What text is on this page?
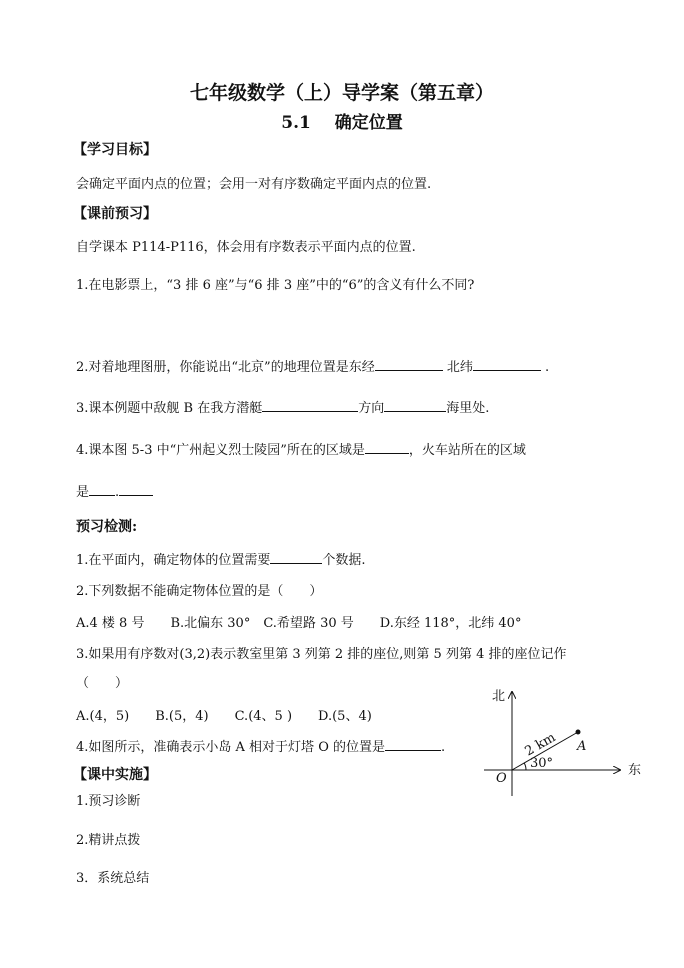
七年级数学（上）导学案（第五章）
5.1 确定位置
【学习目标】
会确定平面内点的位置；会用一对有序数确定平面内点的位置.
【课前预习】
自学课本 P114-P116，体会用有序数表示平面内点的位置.
1.在电影票上，“3 排 6 座”与“6 排 3 座”中的“6”的含义有什么不同?
2.对着地理图册，你能说出“北京”的地理位置是东经	北纬	.
3.课本例题中敌舰 B 在我方潜艇	方向	海里处.
4.课本图 5-3 中“广州起义烈士陵园”所在的区域是	，火车站所在的区域
是 .
预习检测:
1.在平面内，确定物体的位置需要	个数据.
2.下列数据不能确定物体位置的是（　　）
A.4 楼 8 号　　B.北偏东 30°　C.希望路 30 号　　D.东经 118°，北纬 40°
3.如果用有序数对(3,2)表示教室里第 3 列第 2 排的座位,则第 5 列第 4 排的座位记作
（　　）
A.(4，5)　　B.(5，4)　　C.(4、5 )　　D.(5、4)
4.如图所示，准确表示小岛 A 相对于灯塔 O 的位置是	.
北
东
O
A
2 km
30°
【课中实施】
1.预习诊断
2.精讲点拨
3．系统总结
